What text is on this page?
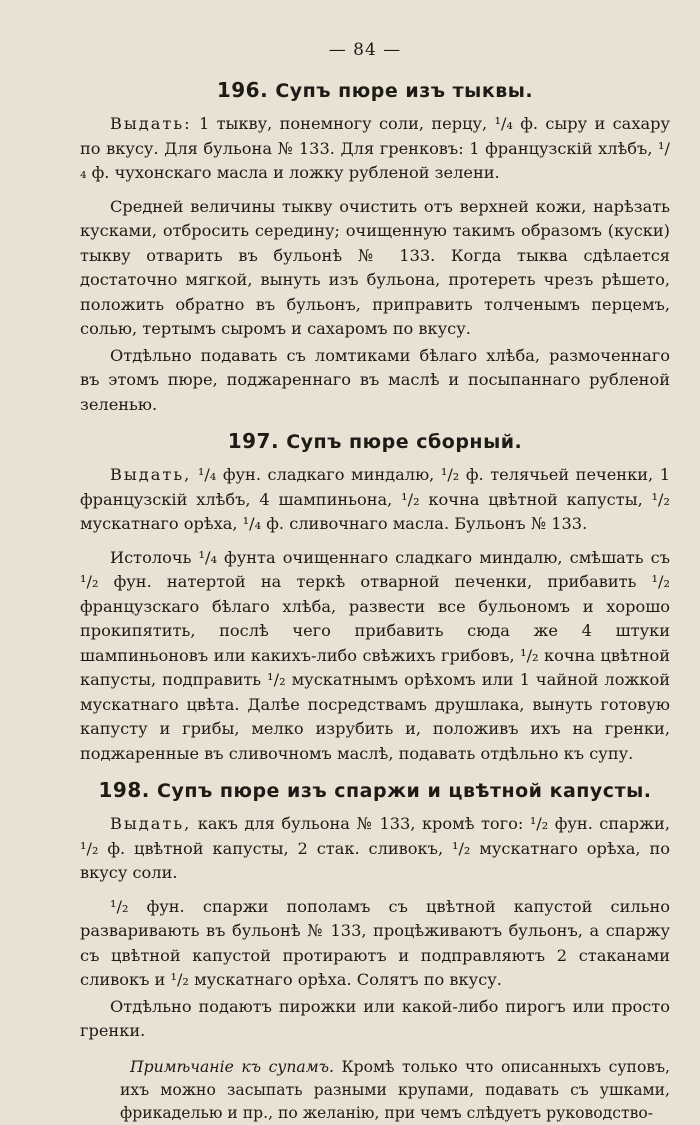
— 84 —
196. Супъ пюре изъ тыквы.

Выдать: 1 тыкву, понемногу соли, перцу, ¹/₄ ф. сыру и сахару по вкусу. Для бульона № 133. Для гренковъ: 1 французскій хлѣбъ, ¹/₄ ф. чухонскаго масла и ложку рубленой зелени.

Средней величины тыкву очистить отъ верхней кожи, нарѣзать кусками, отбросить середину; очищенную такимъ образомъ (куски) тыкву отварить въ бульонѣ № 133. Когда тыква сдѣлается достаточно мягкой, вынуть изъ бульона, протереть чрезъ рѣшето, положить обратно въ бульонъ, приправить толченымъ перцемъ, солью, тертымъ сыромъ и сахаромъ по вкусу.

Отдѣльно подавать съ ломтиками бѣлаго хлѣба, размоченнаго въ этомъ пюре, поджареннаго въ маслѣ и посыпаннаго рубленой зеленью.

197. Супъ пюре сборный.

Выдать, ¹/₄ фун. сладкаго миндалю, ¹/₂ ф. телячьей печенки, 1 французскій хлѣбъ, 4 шампиньона, ¹/₂ кочна цвѣтной капусты, ¹/₂ мускатнаго орѣха, ¹/₄ ф. сливочнаго масла. Бульонъ № 133.

Истолочь ¹/₄ фунта очищеннаго сладкаго миндалю, смѣшать съ ¹/₂ фун. натертой на теркѣ отварной печенки, прибавить ¹/₂ французскаго бѣлаго хлѣба, развести все бульономъ и хорошо прокипятить, послѣ чего прибавить сюда же 4 штуки шампиньоновъ или какихъ-либо свѣжихъ грибовъ, ¹/₂ кочна цвѣтной капусты, подправить ¹/₂ мускатнымъ орѣхомъ или 1 чайной ложкой мускатнаго цвѣта. Далѣе посредствамъ друшлака, вынуть готовую капусту и грибы, мелко изрубить и, положивъ ихъ на гренки, поджаренные въ сливочномъ маслѣ, подавать отдѣльно къ супу.

198. Супъ пюре изъ спаржи и цвѣтной капусты.

Выдать, какъ для бульона № 133, кромѣ того: ¹/₂ фун. спаржи, ¹/₂ ф. цвѣтной капусты, 2 стак. сливокъ, ¹/₂ мускатнаго орѣха, по вкусу соли.

¹/₂ фун. спаржи пополамъ съ цвѣтной капустой сильно разваривають въ бульонѣ № 133, процѣживаютъ бульонъ, а спаржу съ цвѣтной капустой протираютъ и подправляютъ 2 стаканами сливокъ и ¹/₂ мускатнаго орѣха. Солятъ по вкусу.

Отдѣльно подаютъ пирожки или какой-либо пирогъ или просто гренки.

Примѣчаніе къ супамъ. Кромѣ только что описанныхъ суповъ, ихъ можно засыпать разными крупами, подавать съ ушками, фрикаделью и пр., по желанію, при чемъ слѣдуетъ руководство-
